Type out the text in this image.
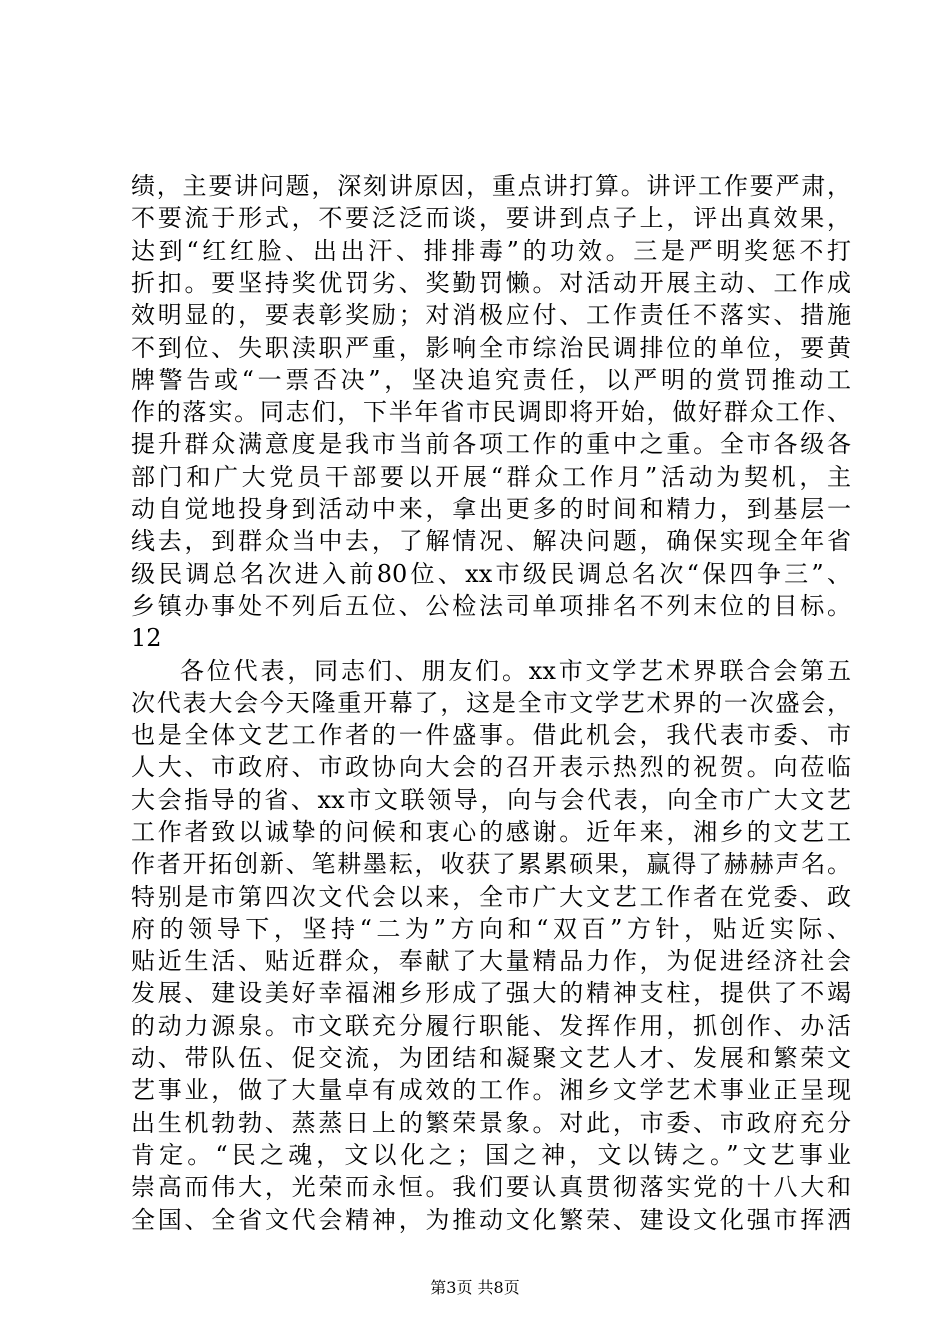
绩，主要讲问题，深刻讲原因，重点讲打算。讲评工作要严肃，
不要流于形式，不要泛泛而谈，要讲到点子上，评出真效果，
达到“红红脸、出出汗、排排毒”的功效。三是严明奖惩不打
折扣。要坚持奖优罚劣、奖勤罚懒。对活动开展主动、工作成
效明显的，要表彰奖励；对消极应付、工作责任不落实、措施
不到位、失职渎职严重，影响全市综治民调排位的单位，要黄
牌警告或“一票否决”，坚决追究责任，以严明的赏罚推动工
作的落实。同志们，下半年省市民调即将开始，做好群众工作、
提升群众满意度是我市当前各项工作的重中之重。全市各级各
部门和广大党员干部要以开展“群众工作月”活动为契机，主
动自觉地投身到活动中来，拿出更多的时间和精力，到基层一
线去，到群众当中去，了解情况、解决问题，确保实现全年省
级民调总名次进入前80位、xx市级民调总名次“保四争三”、
乡镇办事处不列后五位、公检法司单项排名不列末位的目标。
12
各位代表，同志们、朋友们。xx市文学艺术界联合会第五
次代表大会今天隆重开幕了，这是全市文学艺术界的一次盛会，
也是全体文艺工作者的一件盛事。借此机会，我代表市委、市
人大、市政府、市政协向大会的召开表示热烈的祝贺。向莅临
大会指导的省、xx市文联领导，向与会代表，向全市广大文艺
工作者致以诚挚的问候和衷心的感谢。近年来，湘乡的文艺工
作者开拓创新、笔耕墨耘，收获了累累硕果，赢得了赫赫声名。
特别是市第四次文代会以来，全市广大文艺工作者在党委、政
府的领导下，坚持“二为”方向和“双百”方针，贴近实际、
贴近生活、贴近群众，奉献了大量精品力作，为促进经济社会
发展、建设美好幸福湘乡形成了强大的精神支柱，提供了不竭
的动力源泉。市文联充分履行职能、发挥作用，抓创作、办活
动、带队伍、促交流，为团结和凝聚文艺人才、发展和繁荣文
艺事业，做了大量卓有成效的工作。湘乡文学艺术事业正呈现
出生机勃勃、蒸蒸日上的繁荣景象。对此，市委、市政府充分
肯定。“民之魂，文以化之；国之神，文以铸之。”文艺事业
崇高而伟大，光荣而永恒。我们要认真贯彻落实党的十八大和
全国、全省文代会精神，为推动文化繁荣、建设文化强市挥洒
第3页 共8页
